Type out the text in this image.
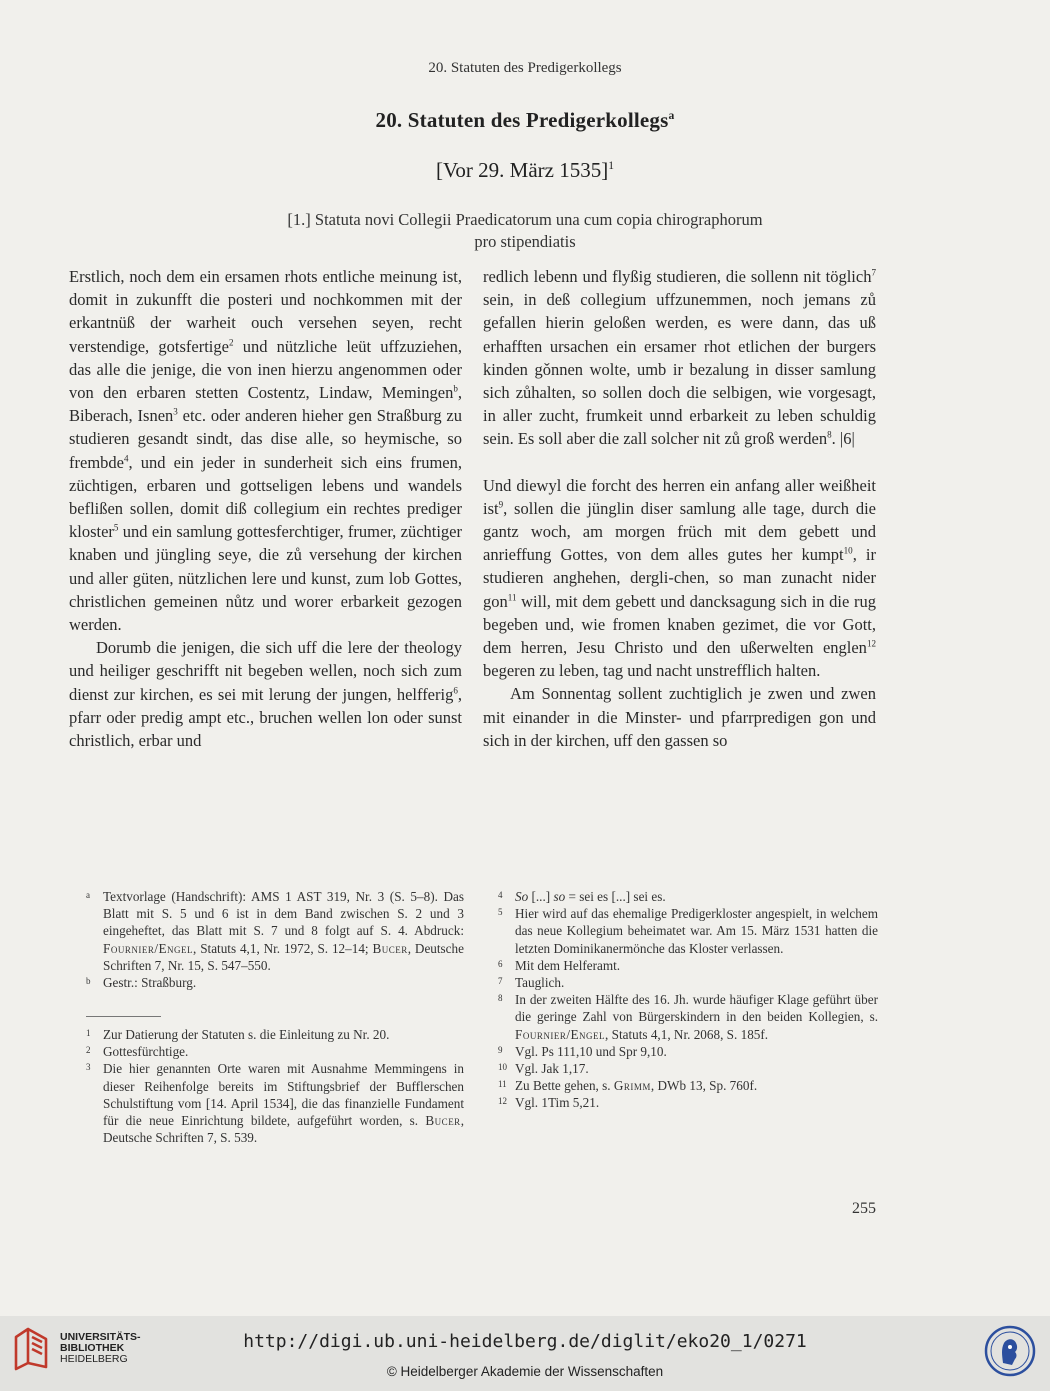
20. Statuten des Predigerkollegs
20. Statuten des Predigerkollegs$^a$
[Vor 29. März 1535]$^1$
[1.] Statuta novi Collegii Praedicatorum una cum copia chirographorum
pro stipendiatis

Erstlich, noch dem ein ersamen rhots entliche meinung ist, domit in zukunfft die posteri und nochkommen mit der erkantnüß der warheit ouch versehen seyen, recht verstendige, gotsfertige$^2$ und nützliche leüt uffzuziehen, das alle die jenige, die von inen hierzu angenommen oder von den erbaren stetten Costentz, Lindaw, Memingen$^b$, Biberach, Isnen$^3$ etc. oder anderen hieher gen Straßburg zu studieren gesandt sindt, das dise alle, so heymische, so frembde$^4$, und ein jeder in sunderheit sich eins frumen, züchtigen, erbaren und gottseligen lebens und wandels beflißen sollen, domit diß collegium ein rechtes prediger kloster$^5$ und ein samlung gottesferchtiger, frumer, züchtiger knaben und jüngling seye, die zů versehung der kirchen und aller güten, nützlichen lere und kunst, zum lob Gottes, christlichen gemeinen nůtz und worer erbarkeit gezogen werden.

Dorumb die jenigen, die sich uff die lere der theology und heiliger geschrifft nit begeben wellen, noch sich zum dienst zur kirchen, es sei mit lerung der jungen, helfferig$^6$, pfarr oder predig ampt etc., bruchen wellen lon oder sunst christlich, erbar und

redlich lebenn und flyßig studieren, die sollenn nit töglich$^7$ sein, in deß collegium uffzunemmen, noch jemans zů gefallen hierin geloßen werden, es were dann, das uß erhafften ursachen ein ersamer rhot etlichen der burgers kinden gǒnnen wolte, umb ir bezalung in disser samlung sich zůhalten, so sollen doch die selbigen, wie vorgesagt, in aller zucht, frumkeit unnd erbarkeit zu leben schuldig sein. Es soll aber die zall solcher nit zů groß werden$^8$. |6|

Und diewyl die forcht des herren ein anfang aller weißheit ist$^9$, sollen die jünglin diser samlung alle tage, durch die gantz woch, am morgen früch mit dem gebett und anrieffung Gottes, von dem alles gutes her kumpt$^{10}$, ir studieren anghehen, dergli-chen, so man zunacht nider gon$^{11}$ will, mit dem gebett und dancksagung sich in die rug begeben und, wie fromen knaben gezimet, die vor Gott, dem herren, Jesu Christo und den ußerwelten englen$^{12}$ begeren zu leben, tag und nacht unstrefflich halten.

Am Sonnentag sollent zuchtiglich je zwen und zwen mit einander in die Minster- und pfarrpredigen gon und sich in der kirchen, uff den gassen so

a Textvorlage (Handschrift): AMS 1 AST 319, Nr. 3 (S. 5–8). Das Blatt mit S. 5 und 6 ist in dem Band zwischen S. 2 und 3 eingeheftet, das Blatt mit S. 7 und 8 folgt auf S. 4. Abdruck: Fournier/Engel, Statuts 4,1, Nr. 1972, S. 12–14; Bucer, Deutsche Schriften 7, Nr. 15, S. 547–550.
b Gestr.: Straßburg.
1 Zur Datierung der Statuten s. die Einleitung zu Nr. 20.
2 Gottesfürchtige.
3 Die hier genannten Orte waren mit Ausnahme Memmingens in dieser Reihenfolge bereits im Stiftungsbrief der Bufflerschen Schulstiftung vom [14. April 1534], die das finanzielle Fundament für die neue Einrichtung bildete, aufgeführt worden, s. Bucer, Deutsche Schriften 7, S. 539.
4 So [...] so = sei es [...] sei es.
5 Hier wird auf das ehemalige Predigerkloster angespielt, in welchem das neue Kollegium beheimatet war. Am 15. März 1531 hatten die letzten Dominikanermönche das Kloster verlassen.
6 Mit dem Helferamt.
7 Tauglich.
8 In der zweiten Hälfte des 16. Jh. wurde häufiger Klage geführt über die geringe Zahl von Bürgerskindern in den beiden Kollegien, s. Fournier/Engel, Statuts 4,1, Nr. 2068, S. 185f.
9 Vgl. Ps 111,10 und Spr 9,10.
10 Vgl. Jak 1,17.
11 Zu Bette gehen, s. Grimm, DWb 13, Sp. 760f.
12 Vgl. 1Tim 5,21.
255
UNIVERSITÄTS-
BIBLIOTHEK
HEIDELBERG
http://digi.ub.uni-heidelberg.de/diglit/eko20_1/0271
© Heidelberger Akademie der Wissenschaften
